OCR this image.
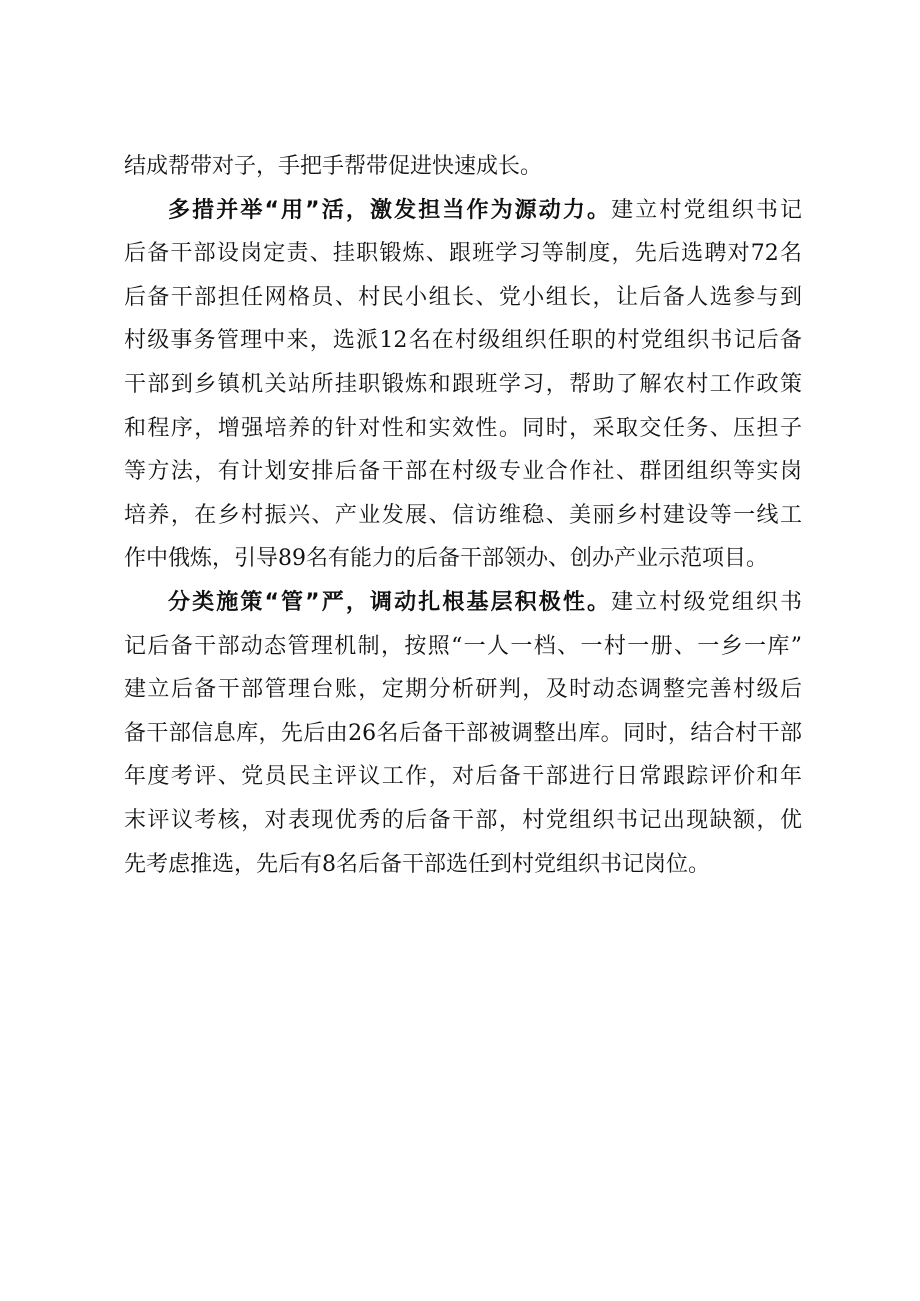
结成帮带对子，手把手帮带促进快速成长。
多措并举“用”活，激发担当作为源动力。建立村党组织书记
后备干部设岗定责、挂职锻炼、跟班学习等制度，先后选聘对72名
后备干部担任网格员、村民小组长、党小组长，让后备人选参与到
村级事务管理中来，选派12名在村级组织任职的村党组织书记后备
干部到乡镇机关站所挂职锻炼和跟班学习，帮助了解农村工作政策
和程序，增强培养的针对性和实效性。同时，采取交任务、压担子
等方法，有计划安排后备干部在村级专业合作社、群团组织等实岗
培养，在乡村振兴、产业发展、信访维稳、美丽乡村建设等一线工
作中俄炼，引导89名有能力的后备干部领办、创办产业示范项目。
分类施策“管”严，调动扎根基层积极性。建立村级党组织书
记后备干部动态管理机制，按照“一人一档、一村一册、一乡一库”
建立后备干部管理台账，定期分析研判，及时动态调整完善村级后
备干部信息库，先后由26名后备干部被调整出库。同时，结合村干部
年度考评、党员民主评议工作，对后备干部进行日常跟踪评价和年
末评议考核，对表现优秀的后备干部，村党组织书记出现缺额，优
先考虑推选，先后有8名后备干部选任到村党组织书记岗位。
